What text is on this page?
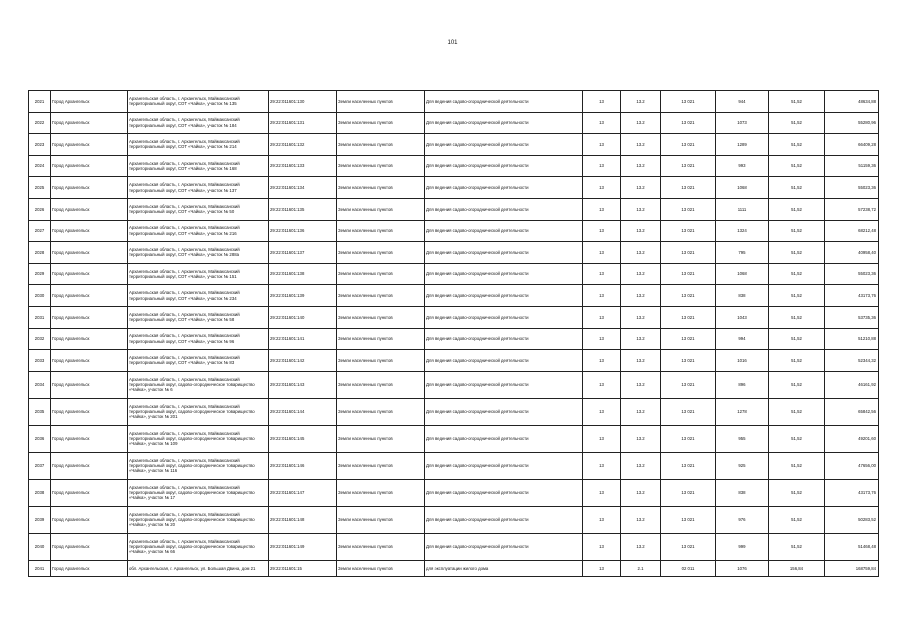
101
2021	Город Архангельск	Архангельская область, г. Архангельск, Маймаксанский территориальный округ, СОТ «Чайка», участок № 135	29:22:011601:130	Земли населенных пунктов	Для ведения садово-огороднической деятельности	13	13.2	13 021	944	51,52	48634,88
2022	Город Архангельск	Архангельская область, г. Архангельск, Маймаксанский территориальный округ, СОТ «Чайка», участок № 184	29:22:011601:131	Земли населенных пунктов	Для ведения садово-огороднической деятельности	13	13.2	13 021	1073	51,52	55280,96
2023	Город Архангельск	Архангельская область, г. Архангельск, Маймаксанский территориальный округ, СОТ «Чайка», участок № 214	29:22:011601:132	Земли населенных пунктов	Для ведения садово-огороднической деятельности	13	13.2	13 021	1289	51,52	66409,28
2024	Город Архангельск	Архангельская область, г. Архангельск, Маймаксанский территориальный округ, СОТ «Чайка», участок № 168	29:22:011601:133	Земли населенных пунктов	Для ведения садово-огороднической деятельности	13	13.2	13 021	993	51,52	51159,36
2025	Город Архангельск	Архангельская область, г. Архангельск, Маймаксанский территориальный округ, СОТ «Чайка», участок № 137	29:22:011601:134	Земли населенных пунктов	Для ведения садово-огороднической деятельности	13	13.2	13 021	1068	51,52	55023,36
2026	Город Архангельск	Архангельская область, г. Архангельск, Маймаксанский территориальный округ, СОТ «Чайка», участок № 50	29:22:011601:135	Земли населенных пунктов	Для ведения садово-огороднической деятельности	13	13.2	13 021	1111	51,52	57238,72
2027	Город Архангельск	Архангельская область, г. Архангельск, Маймаксанский территориальный округ, СОТ «Чайка», участок № 216	29:22:011601:136	Земли населенных пунктов	Для ведения садово-огороднической деятельности	13	13.2	13 021	1324	51,52	68212,48
2028	Город Архангельск	Архангельская область, г. Архангельск, Маймаксанский территориальный округ, СОТ «Чайка», участок № 288а	29:22:011601:137	Земли населенных пунктов	Для ведения садово-огороднической деятельности	13	13.2	13 021	795	51,52	40958,40
2029	Город Архангельск	Архангельская область, г. Архангельск, Маймаксанский территориальный округ, СОТ «Чайка», участок № 151	29:22:011601:138	Земли населенных пунктов	Для ведения садово-огороднической деятельности	13	13.2	13 021	1068	51,52	55023,36
2030	Город Архангельск	Архангельская область, г. Архангельск, Маймаксанский территориальный округ, СОТ «Чайка», участок № 234	29:22:011601:139	Земли населенных пунктов	Для ведения садово-огороднической деятельности	13	13.2	13 021	838	51,52	43173,76
2031	Город Архангельск	Архангельская область, г. Архангельск, Маймаксанский территориальный округ, СОТ «Чайка», участок № 58	29:22:011601:140	Земли населенных пунктов	Для ведения садово-огороднической деятельности	13	13.2	13 021	1043	51,52	53735,36
2032	Город Архангельск	Архангельская область, г. Архангельск, Маймаксанский территориальный округ, СОТ «Чайка», участок № 96	29:22:011601:141	Земли населенных пунктов	Для ведения садово-огороднической деятельности	13	13.2	13 021	994	51,52	51210,88
2033	Город Архангельск	Архангельская область, г. Архангельск, Маймаксанский территориальный округ, СОТ «Чайка», участок № 83	29:22:011601:142	Земли населенных пунктов	Для ведения садово-огороднической деятельности	13	13.2	13 021	1016	51,52	52344,32
2034	Город Архангельск	Архангельская область, г. Архангельск, Маймаксанский территориальный округ, садово-огородническое товарищество «Чайка», участок № 6	29:22:011601:143	Земли населенных пунктов	Для ведения садово-огороднической деятельности	13	13.2	13 021	896	51,52	46161,92
2035	Город Архангельск	Архангельская область, г. Архангельск, Маймаксанский территориальный округ, садово-огородническое товарищество «Чайка», участок № 201	29:22:011601:144	Земли населенных пунктов	Для ведения садово-огороднической деятельности	13	13.2	13 021	1278	51,52	65842,56
2036	Город Архангельск	Архангельская область, г. Архангельск, Маймаксанский территориальный округ, садово-огородническое товарищество «Чайка», участок № 109	29:22:011601:145	Земли населенных пунктов	Для ведения садово-огороднической деятельности	13	13.2	13 021	955	51,52	49201,60
2037	Город Архангельск	Архангельская область, г. Архангельск, Маймаксанский территориальный округ, садово-огородническое товарищество «Чайка», участок № 116	29:22:011601:146	Земли населенных пунктов	Для ведения садово-огороднической деятельности	13	13.2	13 021	925	51,52	47656,00
2038	Город Архангельск	Архангельская область, г. Архангельск, Маймаксанский территориальный округ, садово-огородническое товарищество «Чайка», участок № 17	29:22:011601:147	Земли населенных пунктов	Для ведения садово-огороднической деятельности	13	13.2	13 021	838	51,52	43173,76
2039	Город Архангельск	Архангельская область, г. Архангельск, Маймаксанский территориальный округ, садово-огородническое товарищество «Чайка», участок № 20	29:22:011601:148	Земли населенных пунктов	Для ведения садово-огороднической деятельности	13	13.2	13 021	976	51,52	50283,52
2040	Город Архангельск	Архангельская область, г. Архангельск, Маймаксанский территориальный округ, садово-огородническое товарищество «Чайка», участок № 66	29:22:011601:149	Земли населенных пунктов	Для ведения садово-огороднической деятельности	13	13.2	13 021	999	51,52	51468,48
2041	Город Архангельск	обл. Архангельская, г. Архангельск, ул. Большая Двина, дом 21	29:22:011601:15	Земли населенных пунктов	для эксплуатации жилого дома	13	2.1	02 011	1076	156,84	168759,84
